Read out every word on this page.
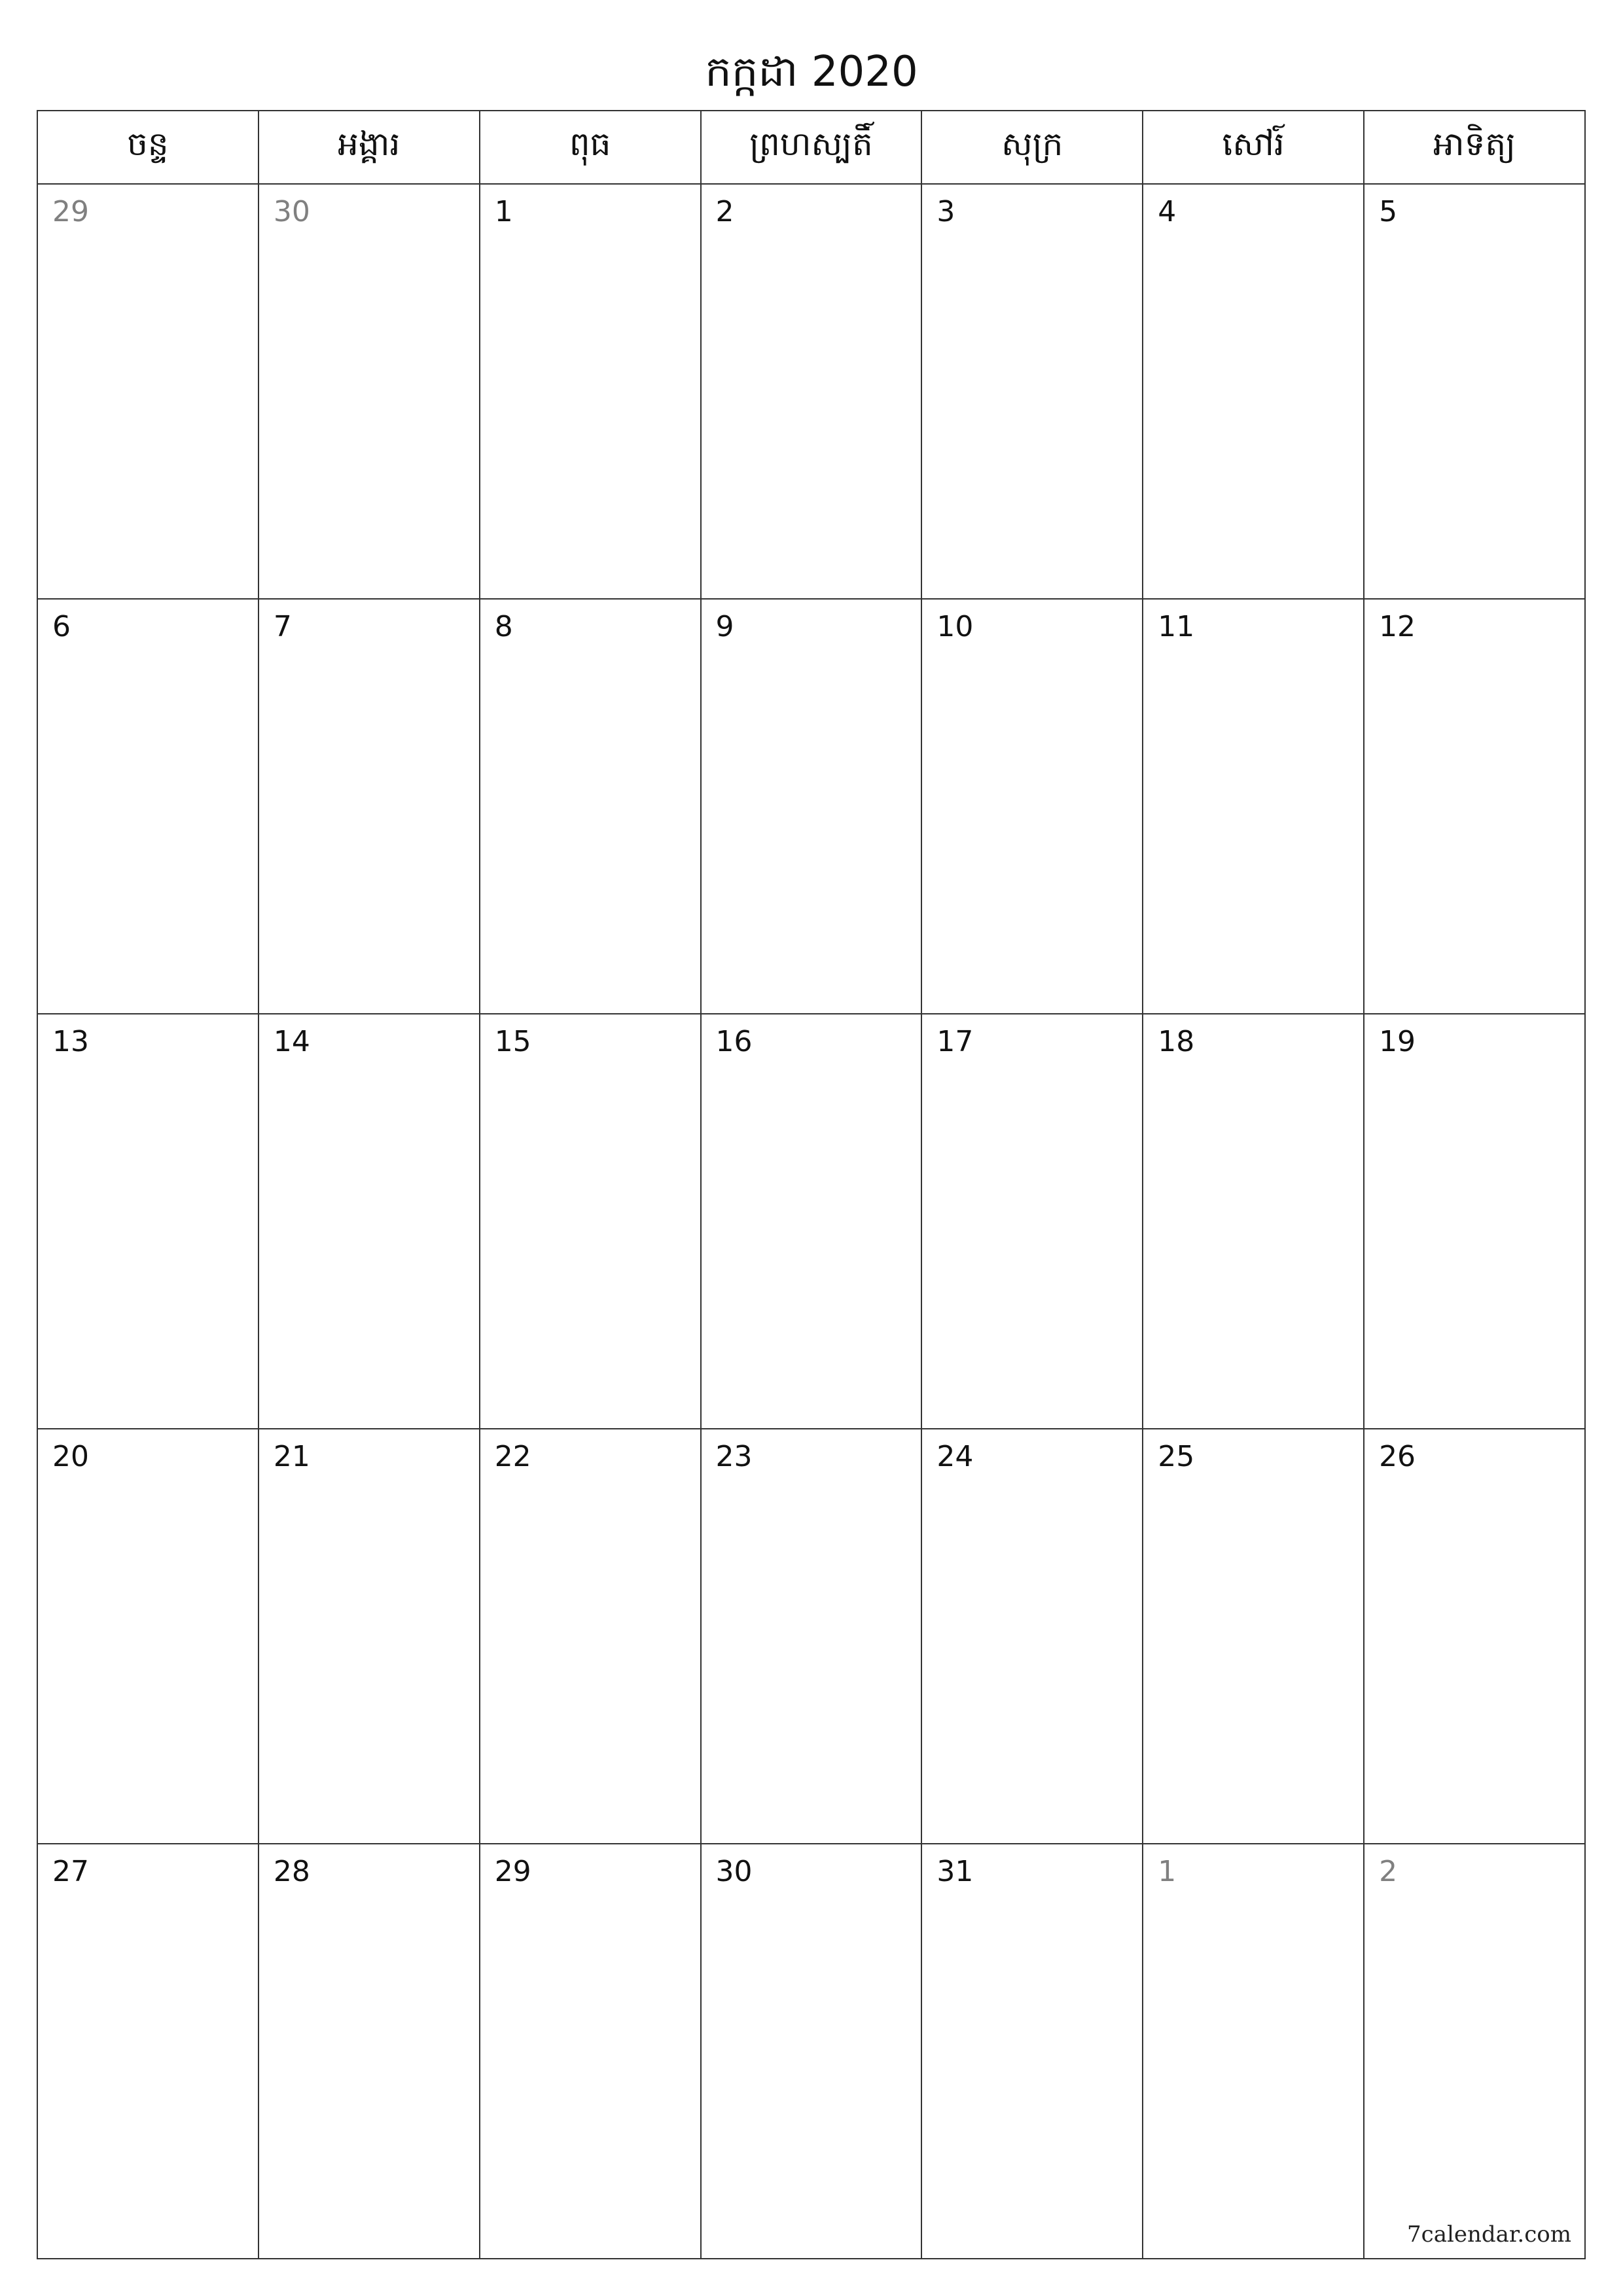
កក្កដា 2020
ចន្ទ	អង្គារ	ពុធ	ព្រហស្បតិ៍	សុក្រ	សៅរ៍	អាទិត្យ

29	30	1	2	3	4	5

6	7	8	9	10	11	12

13	14	15	16	17	18	19

20	21	22	23	24	25	26

27	28	29	30	31	1	2
7calendar.com
